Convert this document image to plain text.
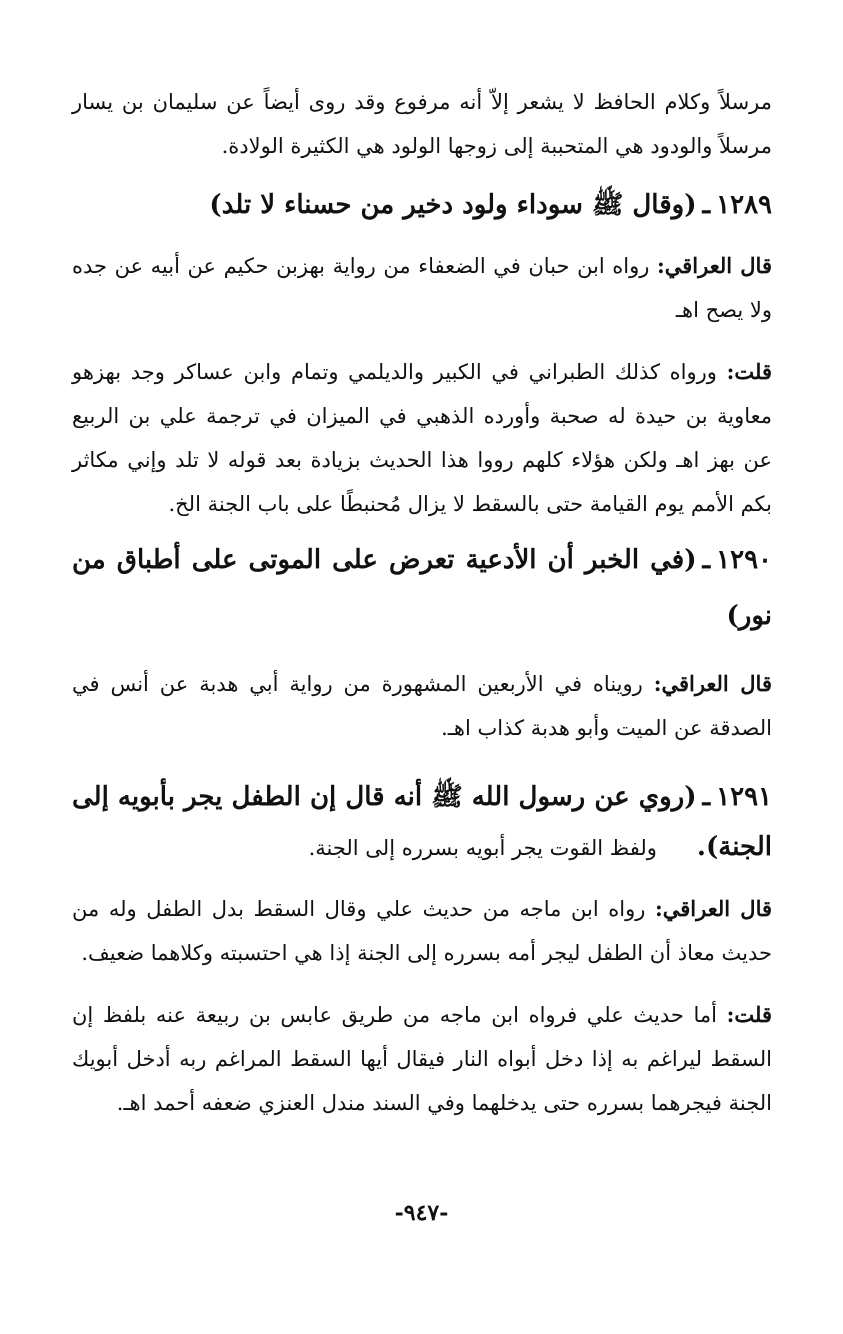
مرسلاً وكلام الحافظ لا يشعر إلاّ أنه مرفوع وقد روى أيضاً عن سليمان بن يسار مرسلاً والودود هي المتحببة إلى زوجها الولود هي الكثيرة الولادة.

١٢٨٩ـ(وقال ﷺ سوداء ولود دخير من حسناء لا تلد)

قال العراقي: رواه ابن حبان في الضعفاء من رواية بهزبن حكيم عن أبيه عن جده ولا يصح اهـ

قلت: ورواه كذلك الطبراني في الكبير والديلمي وتمام وابن عساكر وجد بهزهو معاوية بن حيدة له صحبة وأورده الذهبي في الميزان في ترجمة علي بن الربيع عن بهز اهـ ولكن هؤلاء كلهم رووا هذا الحديث بزيادة بعد قوله لا تلد وإني مكاثر بكم الأمم يوم القيامة حتى بالسقط لا يزال مُحنبطًا على باب الجنة الخ.

١٢٩٠ـ(في الخبر أن الأدعية تعرض على الموتى على أطباق من نور)

قال العراقي: رويناه في الأربعين المشهورة من رواية أبي هدبة عن أنس في الصدقة عن الميت وأبو هدبة كذاب اهـ.

١٢٩١ـ(روي عن رسول الله ﷺ أنه قال إن الطفل يجر بأبويه إلى الجنة).ولفظ القوت يجر أبويه بسرره إلى الجنة.

قال العراقي: رواه ابن ماجه من حديث علي وقال السقط بدل الطفل وله من حديث معاذ أن الطفل ليجر أمه بسرره إلى الجنة إذا هي احتسبته وكلاهما ضعيف.

قلت: أما حديث علي فرواه ابن ماجه من طريق عابس بن ربيعة عنه بلفظ إن السقط ليراغم به إذا دخل أبواه النار فيقال أيها السقط المراغم ربه أدخل أبويك الجنة فيجرهما بسرره حتى يدخلهما وفي السند مندل العنزي ضعفه أحمد اهـ.

-٩٤٧-
